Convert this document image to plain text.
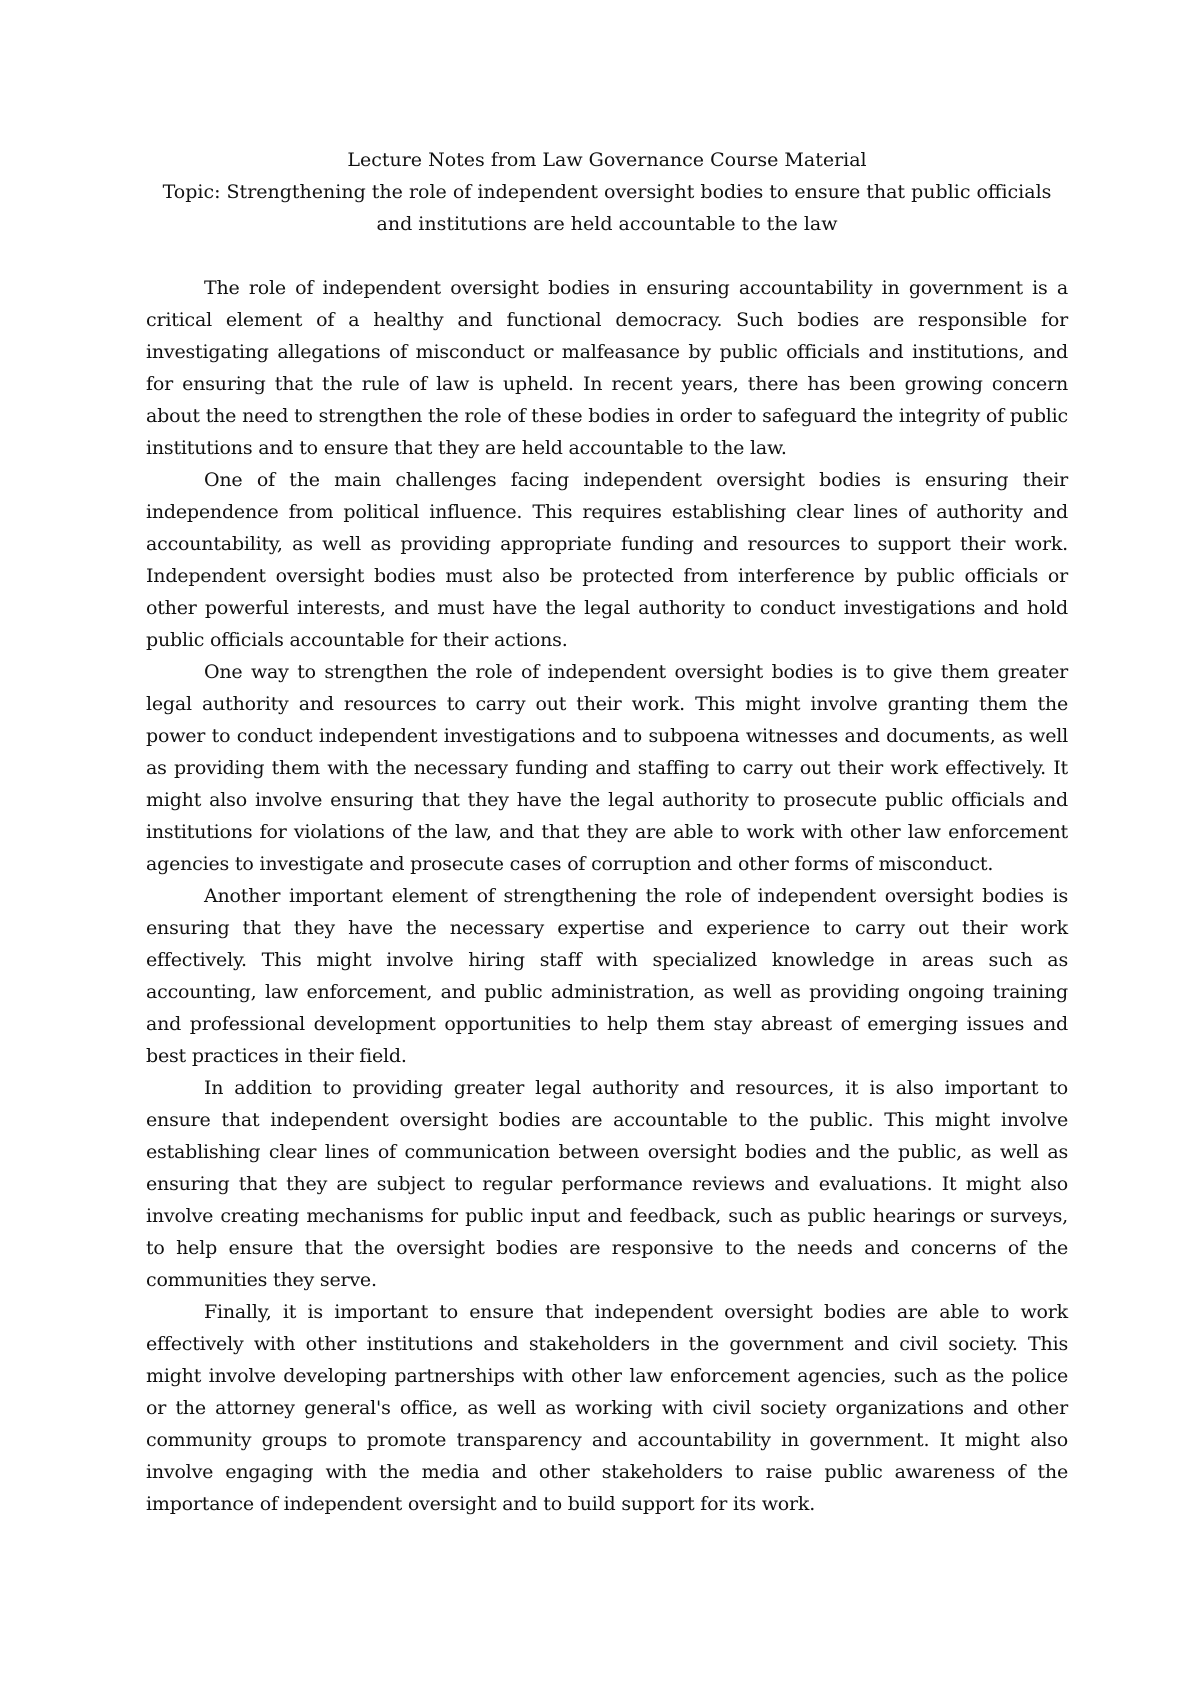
Lecture Notes from Law Governance Course Material
Topic: Strengthening the role of independent oversight bodies to ensure that public officials and institutions are held accountable to the law

The role of independent oversight bodies in ensuring accountability in government is a critical element of a healthy and functional democracy. Such bodies are responsible for investigating allegations of misconduct or malfeasance by public officials and institutions, and for ensuring that the rule of law is upheld. In recent years, there has been growing concern about the need to strengthen the role of these bodies in order to safeguard the integrity of public institutions and to ensure that they are held accountable to the law.

One of the main challenges facing independent oversight bodies is ensuring their independence from political influence. This requires establishing clear lines of authority and accountability, as well as providing appropriate funding and resources to support their work. Independent oversight bodies must also be protected from interference by public officials or other powerful interests, and must have the legal authority to conduct investigations and hold public officials accountable for their actions.

One way to strengthen the role of independent oversight bodies is to give them greater legal authority and resources to carry out their work. This might involve granting them the power to conduct independent investigations and to subpoena witnesses and documents, as well as providing them with the necessary funding and staffing to carry out their work effectively. It might also involve ensuring that they have the legal authority to prosecute public officials and institutions for violations of the law, and that they are able to work with other law enforcement agencies to investigate and prosecute cases of corruption and other forms of misconduct.

Another important element of strengthening the role of independent oversight bodies is ensuring that they have the necessary expertise and experience to carry out their work effectively. This might involve hiring staff with specialized knowledge in areas such as accounting, law enforcement, and public administration, as well as providing ongoing training and professional development opportunities to help them stay abreast of emerging issues and best practices in their field.

In addition to providing greater legal authority and resources, it is also important to ensure that independent oversight bodies are accountable to the public. This might involve establishing clear lines of communication between oversight bodies and the public, as well as ensuring that they are subject to regular performance reviews and evaluations. It might also involve creating mechanisms for public input and feedback, such as public hearings or surveys, to help ensure that the oversight bodies are responsive to the needs and concerns of the communities they serve.

Finally, it is important to ensure that independent oversight bodies are able to work effectively with other institutions and stakeholders in the government and civil society. This might involve developing partnerships with other law enforcement agencies, such as the police or the attorney general's office, as well as working with civil society organizations and other community groups to promote transparency and accountability in government. It might also involve engaging with the media and other stakeholders to raise public awareness of the importance of independent oversight and to build support for its work.
